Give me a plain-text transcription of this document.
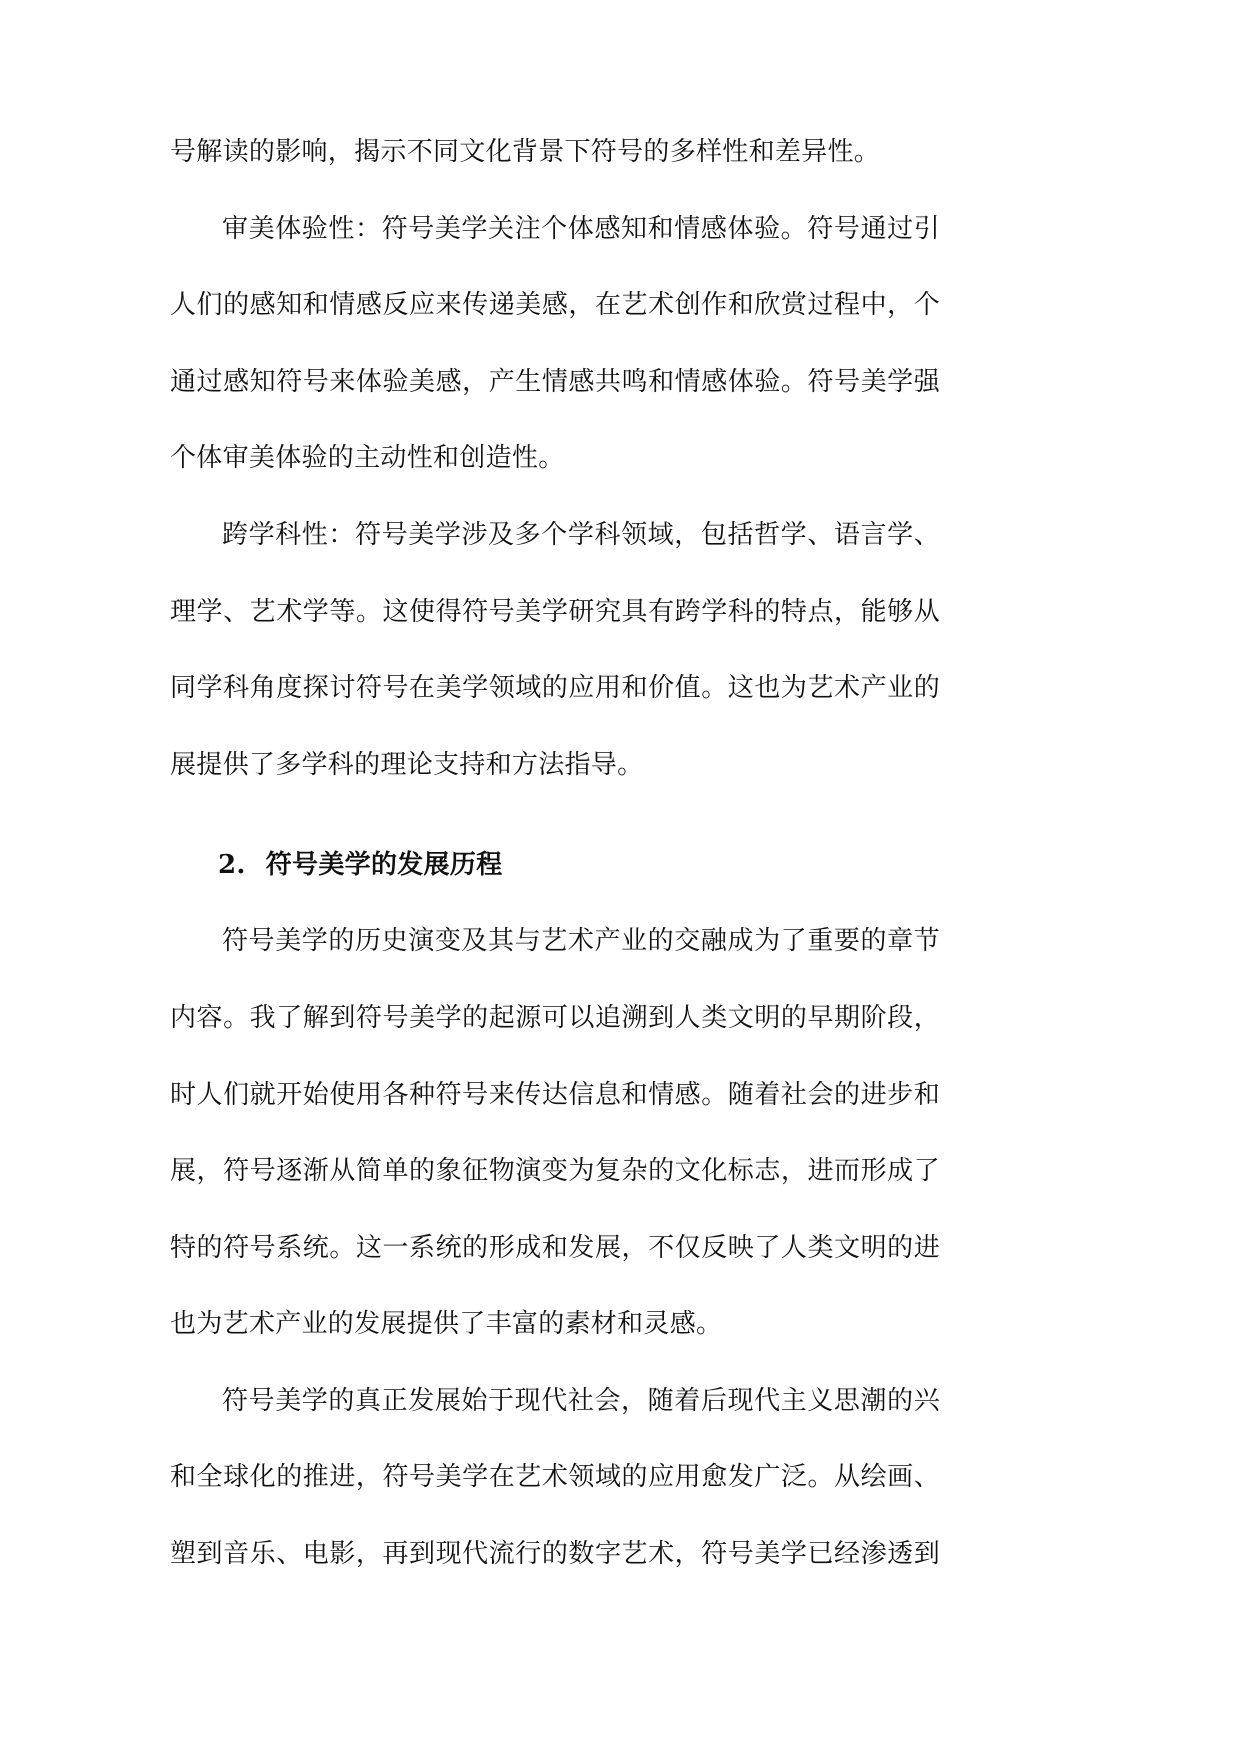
号解读的影响，揭示不同文化背景下符号的多样性和差异性。
审美体验性：符号美学关注个体感知和情感体验。符号通过引
人们的感知和情感反应来传递美感，在艺术创作和欣赏过程中，个
通过感知符号来体验美感，产生情感共鸣和情感体验。符号美学强
个体审美体验的主动性和创造性。
跨学科性：符号美学涉及多个学科领域，包括哲学、语言学、
理学、艺术学等。这使得符号美学研究具有跨学科的特点，能够从
同学科角度探讨符号在美学领域的应用和价值。这也为艺术产业的
展提供了多学科的理论支持和方法指导。
2. 符号美学的发展历程
符号美学的历史演变及其与艺术产业的交融成为了重要的章节
内容。我了解到符号美学的起源可以追溯到人类文明的早期阶段，
时人们就开始使用各种符号来传达信息和情感。随着社会的进步和
展，符号逐渐从简单的象征物演变为复杂的文化标志，进而形成了
特的符号系统。这一系统的形成和发展，不仅反映了人类文明的进
也为艺术产业的发展提供了丰富的素材和灵感。
符号美学的真正发展始于现代社会，随着后现代主义思潮的兴
和全球化的推进，符号美学在艺术领域的应用愈发广泛。从绘画、
塑到音乐、电影，再到现代流行的数字艺术，符号美学已经渗透到
